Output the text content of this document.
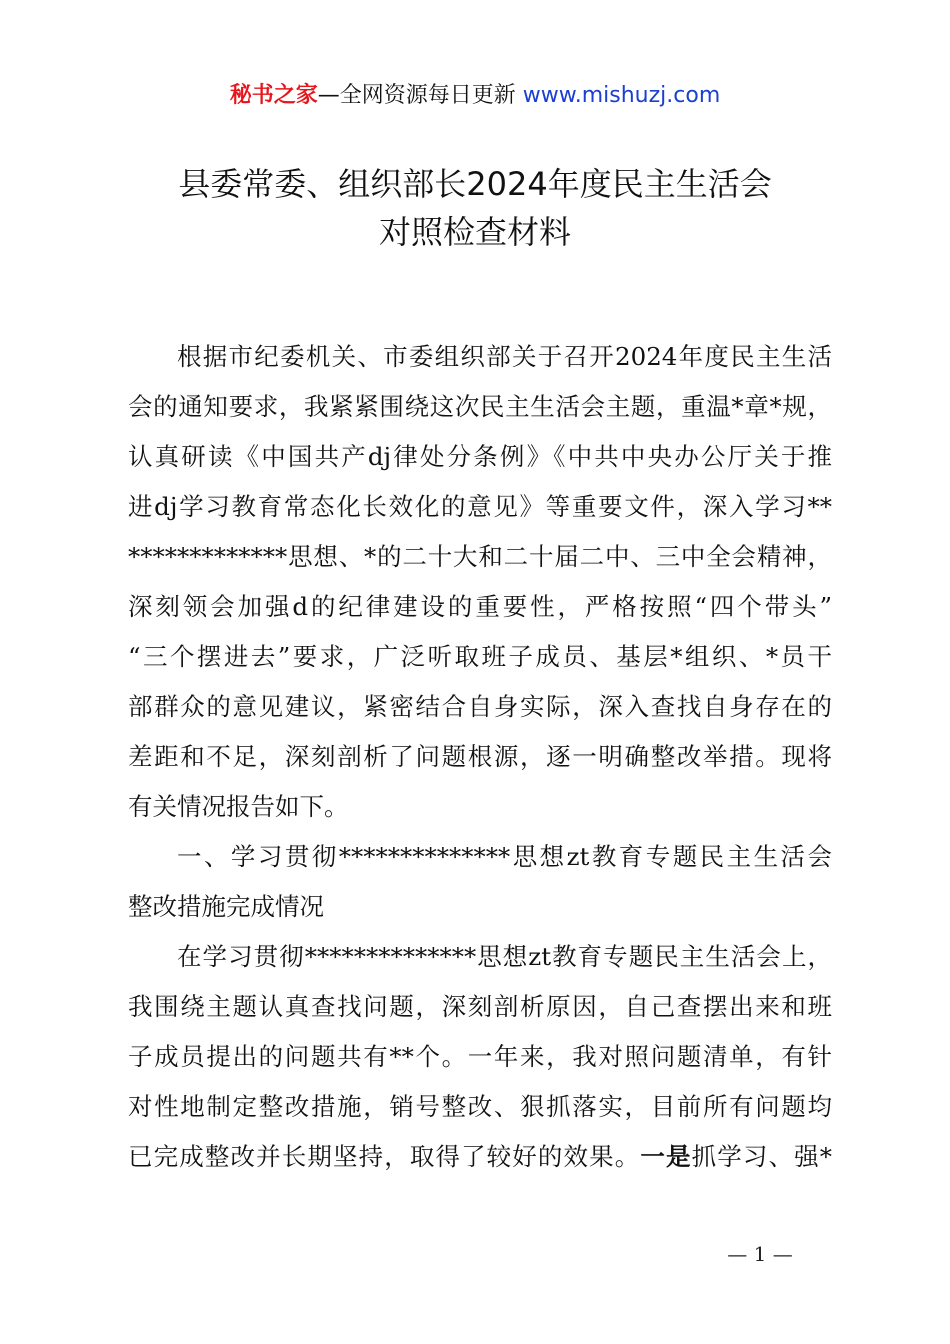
秘书之家—全网资源每日更新 www.mishuzj.com
县委常委、组织部长2024年度民主生活会
对照检查材料
根据市纪委机关、市委组织部关于召开2024年度民主生活
会的通知要求，我紧紧围绕这次民主生活会主题，重温*章*规，
认真研读《中国共产dj律处分条例》《中共中央办公厅关于推
进dj学习教育常态化长效化的意见》等重要文件，深入学习**
*************思想、*的二十大和二十届二中、三中全会精神，
深刻领会加强d的纪律建设的重要性，严格按照“四个带头”
“三个摆进去”要求，广泛听取班子成员、基层*组织、*员干
部群众的意见建议，紧密结合自身实际，深入查找自身存在的
差距和不足，深刻剖析了问题根源，逐一明确整改举措。现将
有关情况报告如下。
一、学习贯彻**************思想zt教育专题民主生活会
整改措施完成情况
在学习贯彻**************思想zt教育专题民主生活会上，
我围绕主题认真查找问题，深刻剖析原因，自己查摆出来和班
子成员提出的问题共有**个。一年来，我对照问题清单，有针
对性地制定整改措施，销号整改、狠抓落实，目前所有问题均
已完成整改并长期坚持，取得了较好的效果。一是抓学习、强*
— 1 —
